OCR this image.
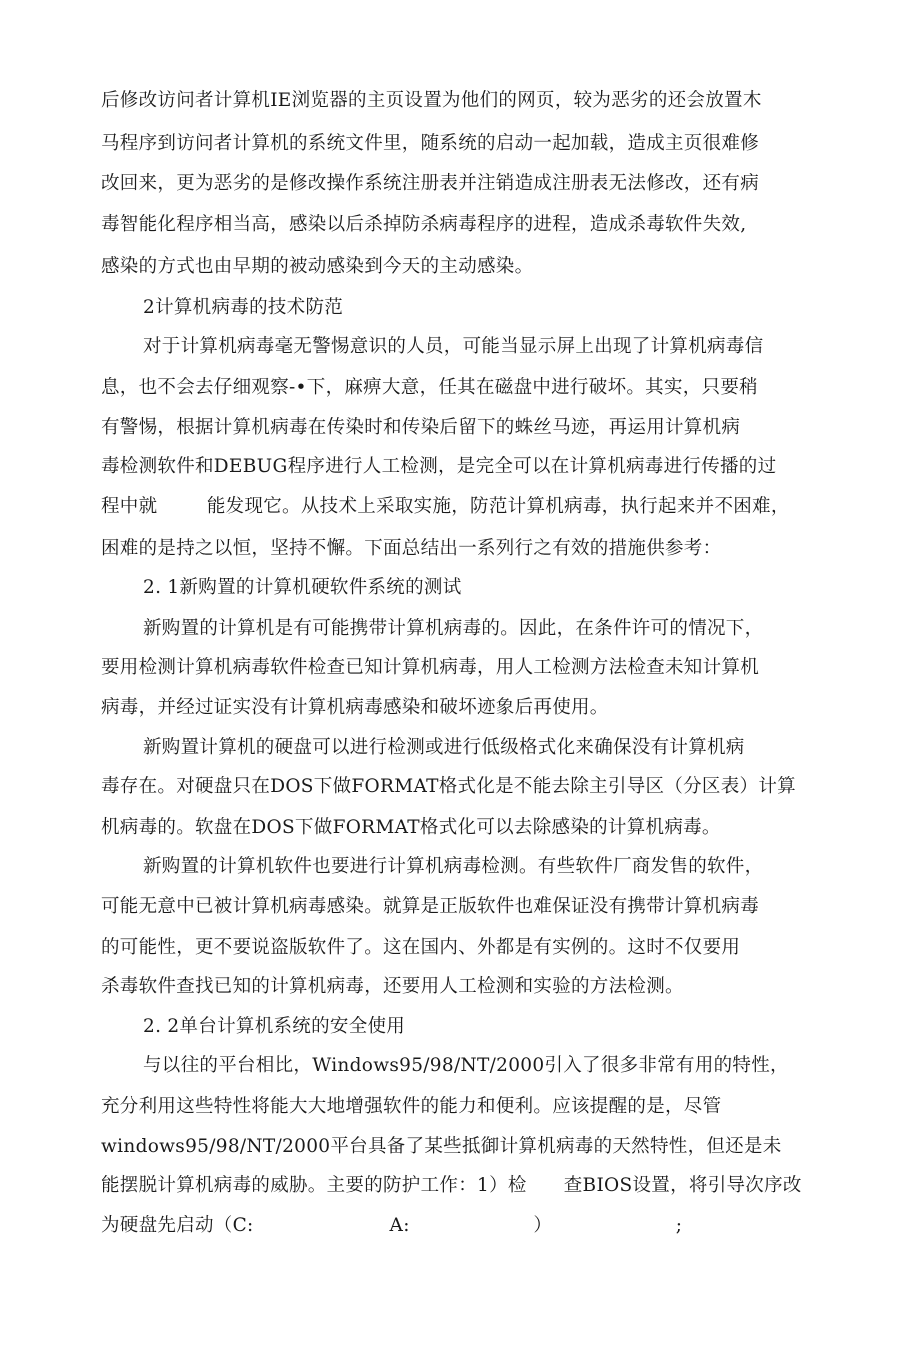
后修改访问者计算机IE浏览器的主页设置为他们的网页，较为恶劣的还会放置木
马程序到访问者计算机的系统文件里，随系统的启动一起加载，造成主页很难修
改回来，更为恶劣的是修改操作系统注册表并注销造成注册表无法修改，还有病
毒智能化程序相当高，感染以后杀掉防杀病毒程序的进程，造成杀毒软件失效,
感染的方式也由早期的被动感染到今天的主动感染。
2计算机病毒的技术防范
对于计算机病毒毫无警惕意识的人员，可能当显示屏上出现了计算机病毒信
息，也不会去仔细观察-•下，麻痹大意，任其在磁盘中进行破坏。其实，只要稍
有警惕，根据计算机病毒在传染时和传染后留下的蛛丝马迹，再运用计算机病
毒检测软件和DEBUG程序进行人工检测，是完全可以在计算机病毒进行传播的过
程中就        能发现它。从技术上采取实施，防范计算机病毒，执行起来并不困难，
困难的是持之以恒，坚持不懈。下面总结出一系列行之有效的措施供参考：
2. 1新购置的计算机硬软件系统的测试
新购置的计算机是有可能携带计算机病毒的。因此，在条件许可的情况下，
要用检测计算机病毒软件检查已知计算机病毒，用人工检测方法检查未知计算机
病毒，并经过证实没有计算机病毒感染和破坏迹象后再使用。
新购置计算机的硬盘可以进行检测或进行低级格式化来确保没有计算机病
毒存在。对硬盘只在DOS下做FORMAT格式化是不能去除主引导区（分区表）计算
机病毒的。软盘在DOS下做FORMAT格式化可以去除感染的计算机病毒。
新购置的计算机软件也要进行计算机病毒检测。有些软件厂商发售的软件，
可能无意中已被计算机病毒感染。就算是正版软件也难保证没有携带计算机病毒
的可能性，更不要说盗版软件了。这在国内、外都是有实例的。这时不仅要用
杀毒软件查找已知的计算机病毒，还要用人工检测和实验的方法检测。
2. 2单台计算机系统的安全使用
与以往的平台相比，Windows95/98/NT/2000引入了很多非常有用的特性，
充分利用这些特性将能大大地增强软件的能力和便利。应该提醒的是，尽管
windows95/98/NT/2000平台具备了某些抵御计算机病毒的天然特性，但还是未
能摆脱计算机病毒的威胁。主要的防护工作：1）检      查BIOS设置，将引导次序改
为硬盘先启动（C:                      A:                    ）                    ;
